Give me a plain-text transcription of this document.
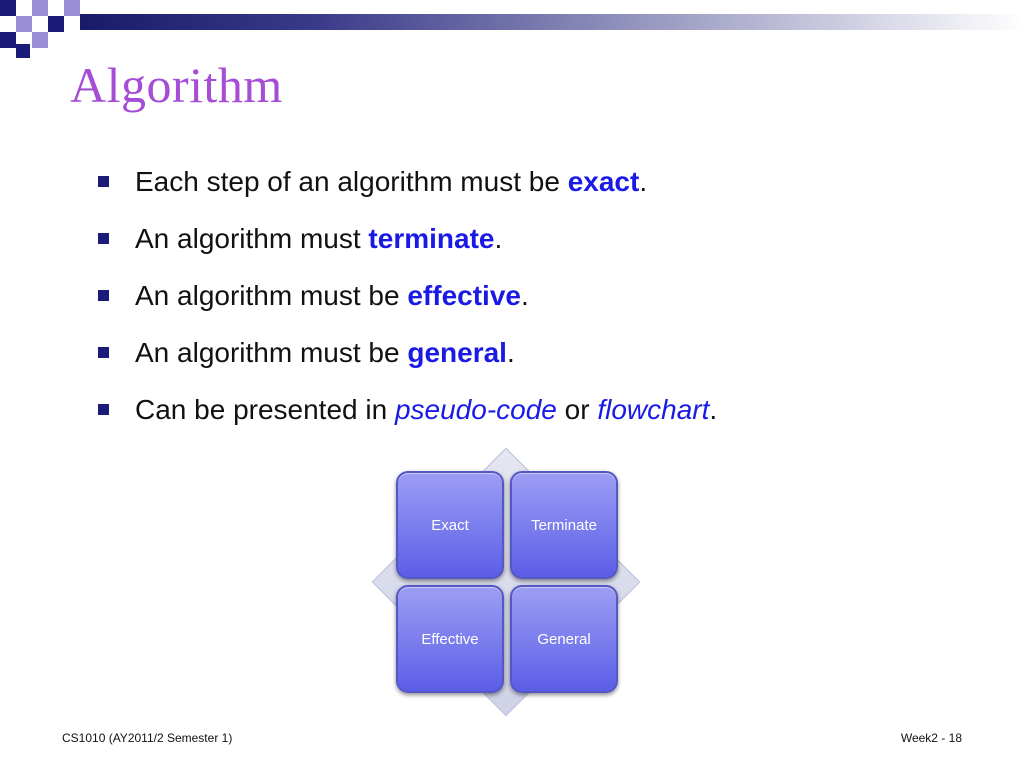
Algorithm
Each step of an algorithm must be exact.
An algorithm must terminate.
An algorithm must be effective.
An algorithm must be general.
Can be presented in pseudo-code or flowchart.
Exact	Terminate
Effective	General
CS1010 (AY2011/2 Semester 1)	Week2 - 18
